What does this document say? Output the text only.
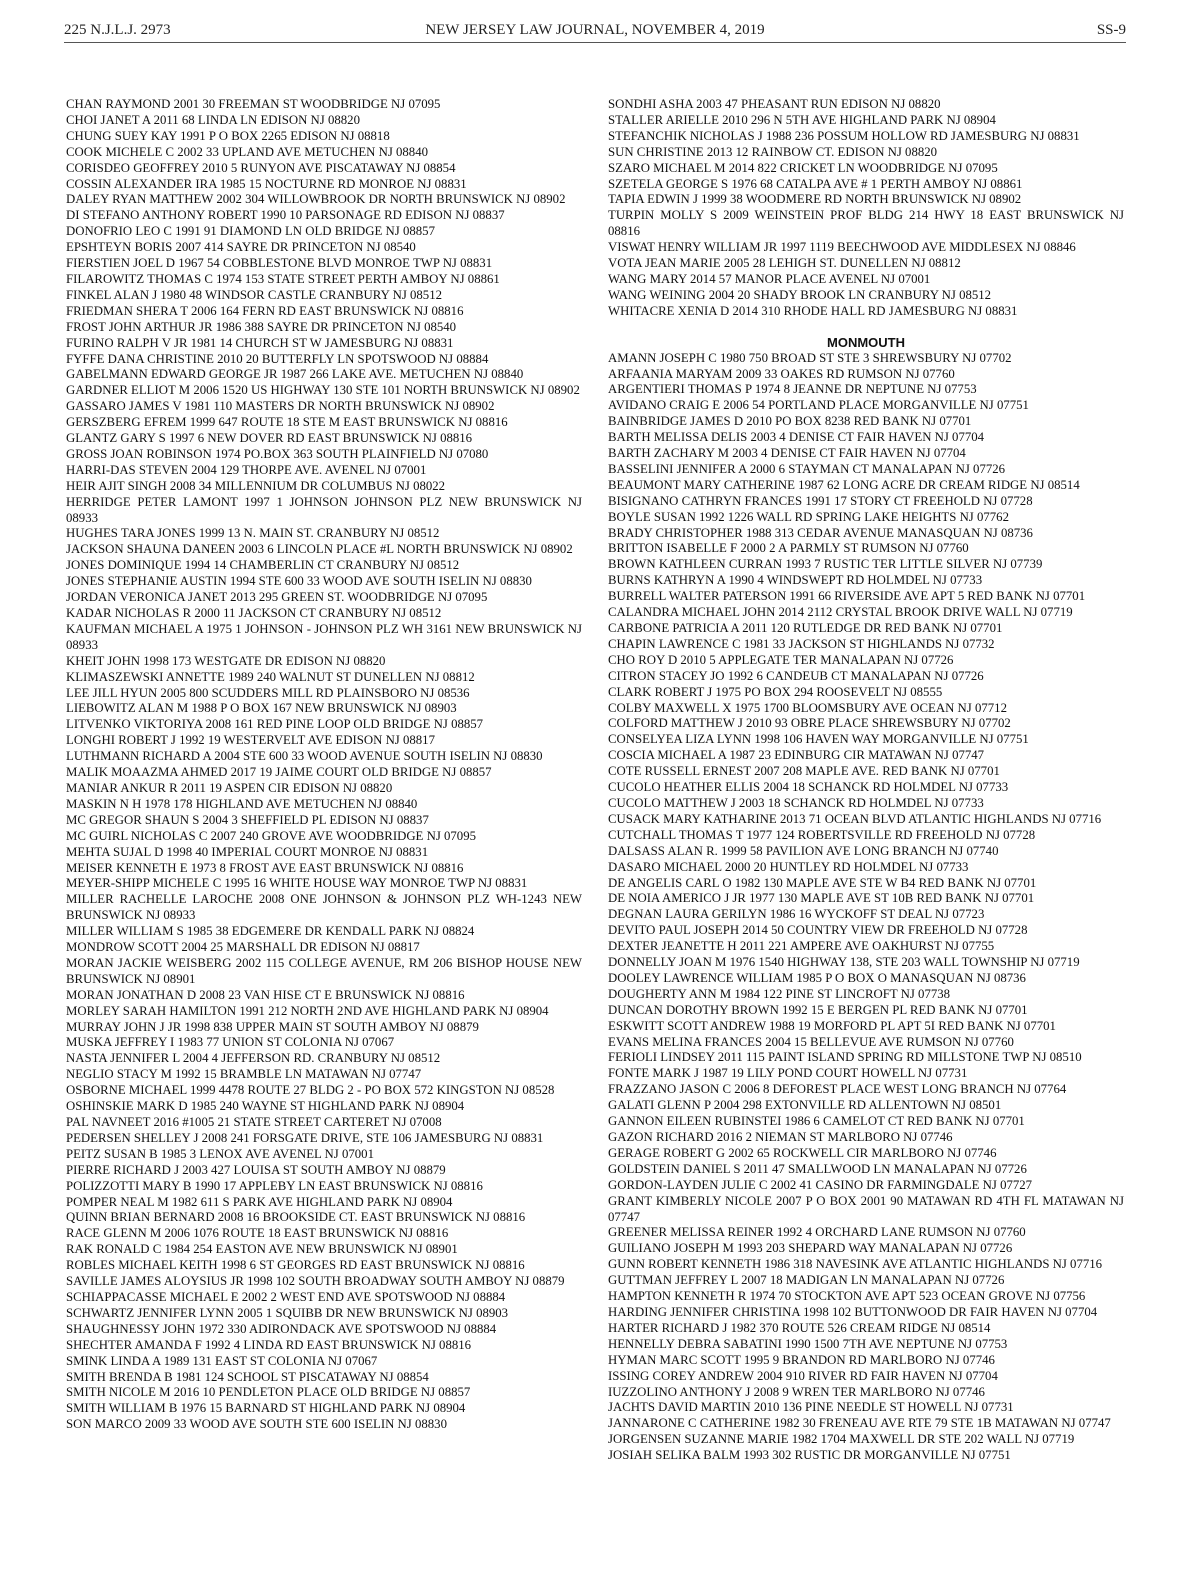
225 N.J.L.J. 2973	NEW JERSEY LAW JOURNAL, NOVEMBER 4, 2019	SS-9
CHAN RAYMOND 2001 30 FREEMAN ST WOODBRIDGE NJ 07095
CHOI JANET A 2011 68 LINDA LN EDISON NJ 08820
CHUNG SUEY KAY 1991 P O BOX 2265 EDISON NJ 08818
COOK MICHELE C 2002 33 UPLAND AVE METUCHEN NJ 08840
CORISDEO GEOFFREY 2010 5 RUNYON AVE PISCATAWAY NJ 08854
COSSIN ALEXANDER IRA 1985 15 NOCTURNE RD MONROE NJ 08831
DALEY RYAN MATTHEW 2002 304 WILLOWBROOK DR NORTH BRUNSWICK NJ 08902
DI STEFANO ANTHONY ROBERT 1990 10 PARSONAGE RD EDISON NJ 08837
DONOFRIO LEO C 1991 91 DIAMOND LN OLD BRIDGE NJ 08857
EPSHTEYN BORIS 2007 414 SAYRE DR PRINCETON NJ 08540
FIERSTIEN JOEL D 1967 54 COBBLESTONE BLVD MONROE TWP NJ 08831
FILAROWITZ THOMAS C 1974 153 STATE STREET PERTH AMBOY NJ 08861
FINKEL ALAN J 1980 48 WINDSOR CASTLE CRANBURY NJ 08512
FRIEDMAN SHERA T 2006 164 FERN RD EAST BRUNSWICK NJ 08816
FROST JOHN ARTHUR JR 1986 388 SAYRE DR PRINCETON NJ 08540
FURINO RALPH V JR 1981 14 CHURCH ST W JAMESBURG NJ 08831
FYFFE DANA CHRISTINE 2010 20 BUTTERFLY LN SPOTSWOOD NJ 08884
GABELMANN EDWARD GEORGE JR 1987 266 LAKE AVE. METUCHEN NJ 08840
GARDNER ELLIOT M 2006 1520 US HIGHWAY 130 STE 101 NORTH BRUNSWICK NJ 08902
GASSARO JAMES V 1981 110 MASTERS DR NORTH BRUNSWICK NJ 08902
GERSZBERG EFREM 1999 647 ROUTE 18 STE M EAST BRUNSWICK NJ 08816
GLANTZ GARY S 1997 6 NEW DOVER RD EAST BRUNSWICK NJ 08816
GROSS JOAN ROBINSON 1974 PO.BOX 363 SOUTH PLAINFIELD NJ 07080
HARRI-DAS STEVEN 2004 129 THORPE AVE. AVENEL NJ 07001
HEIR AJIT SINGH 2008 34 MILLENNIUM DR COLUMBUS NJ 08022
HERRIDGE PETER LAMONT 1997 1 JOHNSON JOHNSON PLZ NEW BRUNSWICK NJ 08933
HUGHES TARA JONES 1999 13 N. MAIN ST. CRANBURY NJ 08512
JACKSON SHAUNA DANEEN 2003 6 LINCOLN PLACE #L NORTH BRUNSWICK NJ 08902
JONES DOMINIQUE 1994 14 CHAMBERLIN CT CRANBURY NJ 08512
JONES STEPHANIE AUSTIN 1994 STE 600 33 WOOD AVE SOUTH ISELIN NJ 08830
JORDAN VERONICA JANET 2013 295 GREEN ST. WOODBRIDGE NJ 07095
KADAR NICHOLAS R 2000 11 JACKSON CT CRANBURY NJ 08512
KAUFMAN MICHAEL A 1975 1 JOHNSON - JOHNSON PLZ WH 3161 NEW BRUNSWICK NJ 08933
KHEIT JOHN 1998 173 WESTGATE DR EDISON NJ 08820
KLIMASZEWSKI ANNETTE 1989 240 WALNUT ST DUNELLEN NJ 08812
LEE JILL HYUN 2005 800 SCUDDERS MILL RD PLAINSBORO NJ 08536
LIEBOWITZ ALAN M 1988 P O BOX 167 NEW BRUNSWICK NJ 08903
LITVENKO VIKTORIYA 2008 161 RED PINE LOOP OLD BRIDGE NJ 08857
LONGHI ROBERT J 1992 19 WESTERVELT AVE EDISON NJ 08817
LUTHMANN RICHARD A 2004 STE 600 33 WOOD AVENUE SOUTH ISELIN NJ 08830
MALIK MOAAZMA AHMED 2017 19 JAIME COURT OLD BRIDGE NJ 08857
MANIAR ANKUR R 2011 19 ASPEN CIR EDISON NJ 08820
MASKIN N H 1978 178 HIGHLAND AVE METUCHEN NJ 08840
MC GREGOR SHAUN S 2004 3 SHEFFIELD PL EDISON NJ 08837
MC GUIRL NICHOLAS C 2007 240 GROVE AVE WOODBRIDGE NJ 07095
MEHTA SUJAL D 1998 40 IMPERIAL COURT MONROE NJ 08831
MEISER KENNETH E 1973 8 FROST AVE EAST BRUNSWICK NJ 08816
MEYER-SHIPP MICHELE C 1995 16 WHITE HOUSE WAY MONROE TWP NJ 08831
MILLER RACHELLE LAROCHE 2008 ONE JOHNSON & JOHNSON PLZ WH-1243 NEW BRUNSWICK NJ 08933
MILLER WILLIAM S 1985 38 EDGEMERE DR KENDALL PARK NJ 08824
MONDROW SCOTT 2004 25 MARSHALL DR EDISON NJ 08817
MORAN JACKIE WEISBERG 2002 115 COLLEGE AVENUE, RM 206 BISHOP HOUSE NEW BRUNSWICK NJ 08901
MORAN JONATHAN D 2008 23 VAN HISE CT E BRUNSWICK NJ 08816
MORLEY SARAH HAMILTON 1991 212 NORTH 2ND AVE HIGHLAND PARK NJ 08904
MURRAY JOHN J JR 1998 838 UPPER MAIN ST SOUTH AMBOY NJ 08879
MUSKA JEFFREY I 1983 77 UNION ST COLONIA NJ 07067
NASTA JENNIFER L 2004 4 JEFFERSON RD. CRANBURY NJ 08512
NEGLIO STACY M 1992 15 BRAMBLE LN MATAWAN NJ 07747
OSBORNE MICHAEL 1999 4478 ROUTE 27 BLDG 2 - PO BOX 572 KINGSTON NJ 08528
OSHINSKIE MARK D 1985 240 WAYNE ST HIGHLAND PARK NJ 08904
PAL NAVNEET 2016 #1005 21 STATE STREET CARTERET NJ 07008
PEDERSEN SHELLEY J 2008 241 FORSGATE DRIVE, STE 106 JAMESBURG NJ 08831
PEITZ SUSAN B 1985 3 LENOX AVE AVENEL NJ 07001
PIERRE RICHARD J 2003 427 LOUISA ST SOUTH AMBOY NJ 08879
POLIZZOTTI MARY B 1990 17 APPLEBY LN EAST BRUNSWICK NJ 08816
POMPER NEAL M 1982 611 S PARK AVE HIGHLAND PARK NJ 08904
QUINN BRIAN BERNARD 2008 16 BROOKSIDE CT. EAST BRUNSWICK NJ 08816
RACE GLENN M 2006 1076 ROUTE 18 EAST BRUNSWICK NJ 08816
RAK RONALD C 1984 254 EASTON AVE NEW BRUNSWICK NJ 08901
ROBLES MICHAEL KEITH 1998 6 ST GEORGES RD EAST BRUNSWICK NJ 08816
SAVILLE JAMES ALOYSIUS JR 1998 102 SOUTH BROADWAY SOUTH AMBOY NJ 08879
SCHIAPPACASSE MICHAEL E 2002 2 WEST END AVE SPOTSWOOD NJ 08884
SCHWARTZ JENNIFER LYNN 2005 1 SQUIBB DR NEW BRUNSWICK NJ 08903
SHAUGHNESSY JOHN 1972 330 ADIRONDACK AVE SPOTSWOOD NJ 08884
SHECHTER AMANDA F 1992 4 LINDA RD EAST BRUNSWICK NJ 08816
SMINK LINDA A 1989 131 EAST ST COLONIA NJ 07067
SMITH BRENDA B 1981 124 SCHOOL ST PISCATAWAY NJ 08854
SMITH NICOLE M 2016 10 PENDLETON PLACE OLD BRIDGE NJ 08857
SMITH WILLIAM B 1976 15 BARNARD ST HIGHLAND PARK NJ 08904
SON MARCO 2009 33 WOOD AVE SOUTH STE 600 ISELIN NJ 08830
SONDHI ASHA 2003 47 PHEASANT RUN EDISON NJ 08820
STALLER ARIELLE 2010 296 N 5TH AVE HIGHLAND PARK NJ 08904
STEFANCHIK NICHOLAS J 1988 236 POSSUM HOLLOW RD JAMESBURG NJ 08831
SUN CHRISTINE 2013 12 RAINBOW CT. EDISON NJ 08820
SZARO MICHAEL M 2014 822 CRICKET LN WOODBRIDGE NJ 07095
SZETELA GEORGE S 1976 68 CATALPA AVE # 1 PERTH AMBOY NJ 08861
TAPIA EDWIN J 1999 38 WOODMERE RD NORTH BRUNSWICK NJ 08902
TURPIN MOLLY S 2009 WEINSTEIN PROF BLDG 214 HWY 18 EAST BRUNSWICK NJ 08816
VISWAT HENRY WILLIAM JR 1997 1119 BEECHWOOD AVE MIDDLESEX NJ 08846
VOTA JEAN MARIE 2005 28 LEHIGH ST. DUNELLEN NJ 08812
WANG MARY 2014 57 MANOR PLACE AVENEL NJ 07001
WANG WEINING 2004 20 SHADY BROOK LN CRANBURY NJ 08512
WHITACRE XENIA D 2014 310 RHODE HALL RD JAMESBURG NJ 08831
MONMOUTH
AMANN JOSEPH C 1980 750 BROAD ST STE 3 SHREWSBURY NJ 07702
ARFAANIA MARYAM 2009 33 OAKES RD RUMSON NJ 07760
ARGENTIERI THOMAS P 1974 8 JEANNE DR NEPTUNE NJ 07753
AVIDANO CRAIG E 2006 54 PORTLAND PLACE MORGANVILLE NJ 07751
BAINBRIDGE JAMES D 2010 PO BOX 8238 RED BANK NJ 07701
BARTH MELISSA DELIS 2003 4 DENISE CT FAIR HAVEN NJ 07704
BARTH ZACHARY M 2003 4 DENISE CT FAIR HAVEN NJ 07704
BASSELINI JENNIFER A 2000 6 STAYMAN CT MANALAPAN NJ 07726
BEAUMONT MARY CATHERINE 1987 62 LONG ACRE DR CREAM RIDGE NJ 08514
BISIGNANO CATHRYN FRANCES 1991 17 STORY CT FREEHOLD NJ 07728
BOYLE SUSAN 1992 1226 WALL RD SPRING LAKE HEIGHTS NJ 07762
BRADY CHRISTOPHER 1988 313 CEDAR AVENUE MANASQUAN NJ 08736
BRITTON ISABELLE F 2000 2 A PARMLY ST RUMSON NJ 07760
BROWN KATHLEEN CURRAN 1993 7 RUSTIC TER LITTLE SILVER NJ 07739
BURNS KATHRYN A 1990 4 WINDSWEPT RD HOLMDEL NJ 07733
BURRELL WALTER PATERSON 1991 66 RIVERSIDE AVE APT 5 RED BANK NJ 07701
CALANDRA MICHAEL JOHN 2014 2112 CRYSTAL BROOK DRIVE WALL NJ 07719
CARBONE PATRICIA A 2011 120 RUTLEDGE DR RED BANK NJ 07701
CHAPIN LAWRENCE C 1981 33 JACKSON ST HIGHLANDS NJ 07732
CHO ROY D 2010 5 APPLEGATE TER MANALAPAN NJ 07726
CITRON STACEY JO 1992 6 CANDEUB CT MANALAPAN NJ 07726
CLARK ROBERT J 1975 PO BOX 294 ROOSEVELT NJ 08555
COLBY MAXWELL X 1975 1700 BLOOMSBURY AVE OCEAN NJ 07712
COLFORD MATTHEW J 2010 93 OBRE PLACE SHREWSBURY NJ 07702
CONSELYEA LIZA LYNN 1998 106 HAVEN WAY MORGANVILLE NJ 07751
COSCIA MICHAEL A 1987 23 EDINBURG CIR MATAWAN NJ 07747
COTE RUSSELL ERNEST 2007 208 MAPLE AVE. RED BANK NJ 07701
CUCOLO HEATHER ELLIS 2004 18 SCHANCK RD HOLMDEL NJ 07733
CUCOLO MATTHEW J 2003 18 SCHANCK RD HOLMDEL NJ 07733
CUSACK MARY KATHARINE 2013 71 OCEAN BLVD ATLANTIC HIGHLANDS NJ 07716
CUTCHALL THOMAS T 1977 124 ROBERTSVILLE RD FREEHOLD NJ 07728
DALSASS ALAN R. 1999 58 PAVILION AVE LONG BRANCH NJ 07740
DASARO MICHAEL 2000 20 HUNTLEY RD HOLMDEL NJ 07733
DE ANGELIS CARL O 1982 130 MAPLE AVE STE W B4 RED BANK NJ 07701
DE NOIA AMERICO J JR 1977 130 MAPLE AVE ST 10B RED BANK NJ 07701
DEGNAN LAURA GERILYN 1986 16 WYCKOFF ST DEAL NJ 07723
DEVITO PAUL JOSEPH 2014 50 COUNTRY VIEW DR FREEHOLD NJ 07728
DEXTER JEANETTE H 2011 221 AMPERE AVE OAKHURST NJ 07755
DONNELLY JOAN M 1976 1540 HIGHWAY 138, STE 203 WALL TOWNSHIP NJ 07719
DOOLEY LAWRENCE WILLIAM 1985 P O BOX O MANASQUAN NJ 08736
DOUGHERTY ANN M 1984 122 PINE ST LINCROFT NJ 07738
DUNCAN DOROTHY BROWN 1992 15 E BERGEN PL RED BANK NJ 07701
ESKWITT SCOTT ANDREW 1988 19 MORFORD PL APT 5I RED BANK NJ 07701
EVANS MELINA FRANCES 2004 15 BELLEVUE AVE RUMSON NJ 07760
FERIOLI LINDSEY 2011 115 PAINT ISLAND SPRING RD MILLSTONE TWP NJ 08510
FONTE MARK J 1987 19 LILY POND COURT HOWELL NJ 07731
FRAZZANO JASON C 2006 8 DEFOREST PLACE WEST LONG BRANCH NJ 07764
GALATI GLENN P 2004 298 EXTONVILLE RD ALLENTOWN NJ 08501
GANNON EILEEN RUBINSTEI 1986 6 CAMELOT CT RED BANK NJ 07701
GAZON RICHARD 2016 2 NIEMAN ST MARLBORO NJ 07746
GERAGE ROBERT G 2002 65 ROCKWELL CIR MARLBORO NJ 07746
GOLDSTEIN DANIEL S 2011 47 SMALLWOOD LN MANALAPAN NJ 07726
GORDON-LAYDEN JULIE C 2002 41 CASINO DR FARMINGDALE NJ 07727
GRANT KIMBERLY NICOLE 2007 P O BOX 2001 90 MATAWAN RD 4TH FL MATAWAN NJ 07747
GREENER MELISSA REINER 1992 4 ORCHARD LANE RUMSON NJ 07760
GUILIANO JOSEPH M 1993 203 SHEPARD WAY MANALAPAN NJ 07726
GUNN ROBERT KENNETH 1986 318 NAVESINK AVE ATLANTIC HIGHLANDS NJ 07716
GUTTMAN JEFFREY L 2007 18 MADIGAN LN MANALAPAN NJ 07726
HAMPTON KENNETH R 1974 70 STOCKTON AVE APT 523 OCEAN GROVE NJ 07756
HARDING JENNIFER CHRISTINA 1998 102 BUTTONWOOD DR FAIR HAVEN NJ 07704
HARTER RICHARD J 1982 370 ROUTE 526 CREAM RIDGE NJ 08514
HENNELLY DEBRA SABATINI 1990 1500 7TH AVE NEPTUNE NJ 07753
HYMAN MARC SCOTT 1995 9 BRANDON RD MARLBORO NJ 07746
ISSING COREY ANDREW 2004 910 RIVER RD FAIR HAVEN NJ 07704
IUZZOLINO ANTHONY J 2008 9 WREN TER MARLBORO NJ 07746
JACHTS DAVID MARTIN 2010 136 PINE NEEDLE ST HOWELL NJ 07731
JANNARONE C CATHERINE 1982 30 FRENEAU AVE RTE 79 STE 1B MATAWAN NJ 07747
JORGENSEN SUZANNE MARIE 1982 1704 MAXWELL DR STE 202 WALL NJ 07719
JOSIAH SELIKA BALM 1993 302 RUSTIC DR MORGANVILLE NJ 07751
